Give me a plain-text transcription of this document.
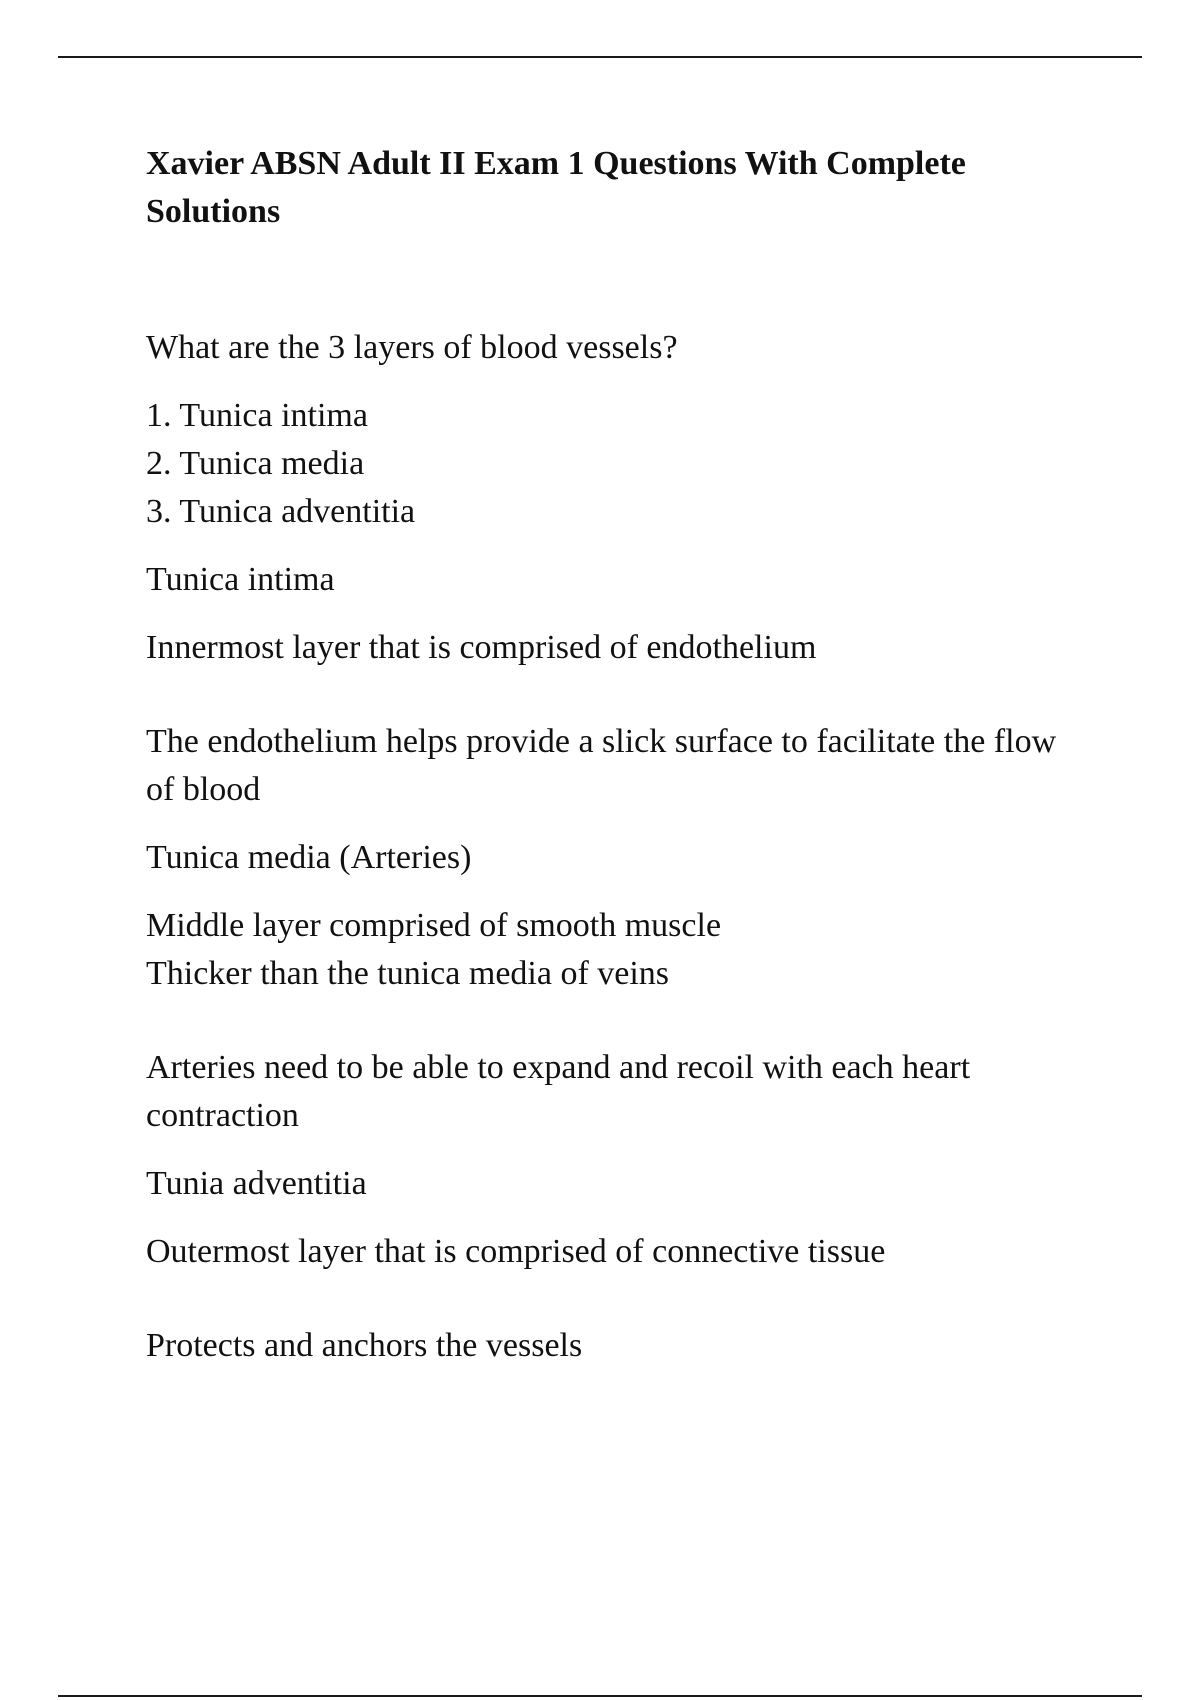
Xavier ABSN Adult II Exam 1 Questions With Complete Solutions

What are the 3 layers of blood vessels?

1. Tunica intima
2. Tunica media
3. Tunica adventitia

Tunica intima

Innermost layer that is comprised of endothelium

The endothelium helps provide a slick surface to facilitate the flow of blood

Tunica media (Arteries)

Middle layer comprised of smooth muscle

Thicker than the tunica media of veins

Arteries need to be able to expand and recoil with each heart contraction

Tunia adventitia

Outermost layer that is comprised of connective tissue

Protects and anchors the vessels
